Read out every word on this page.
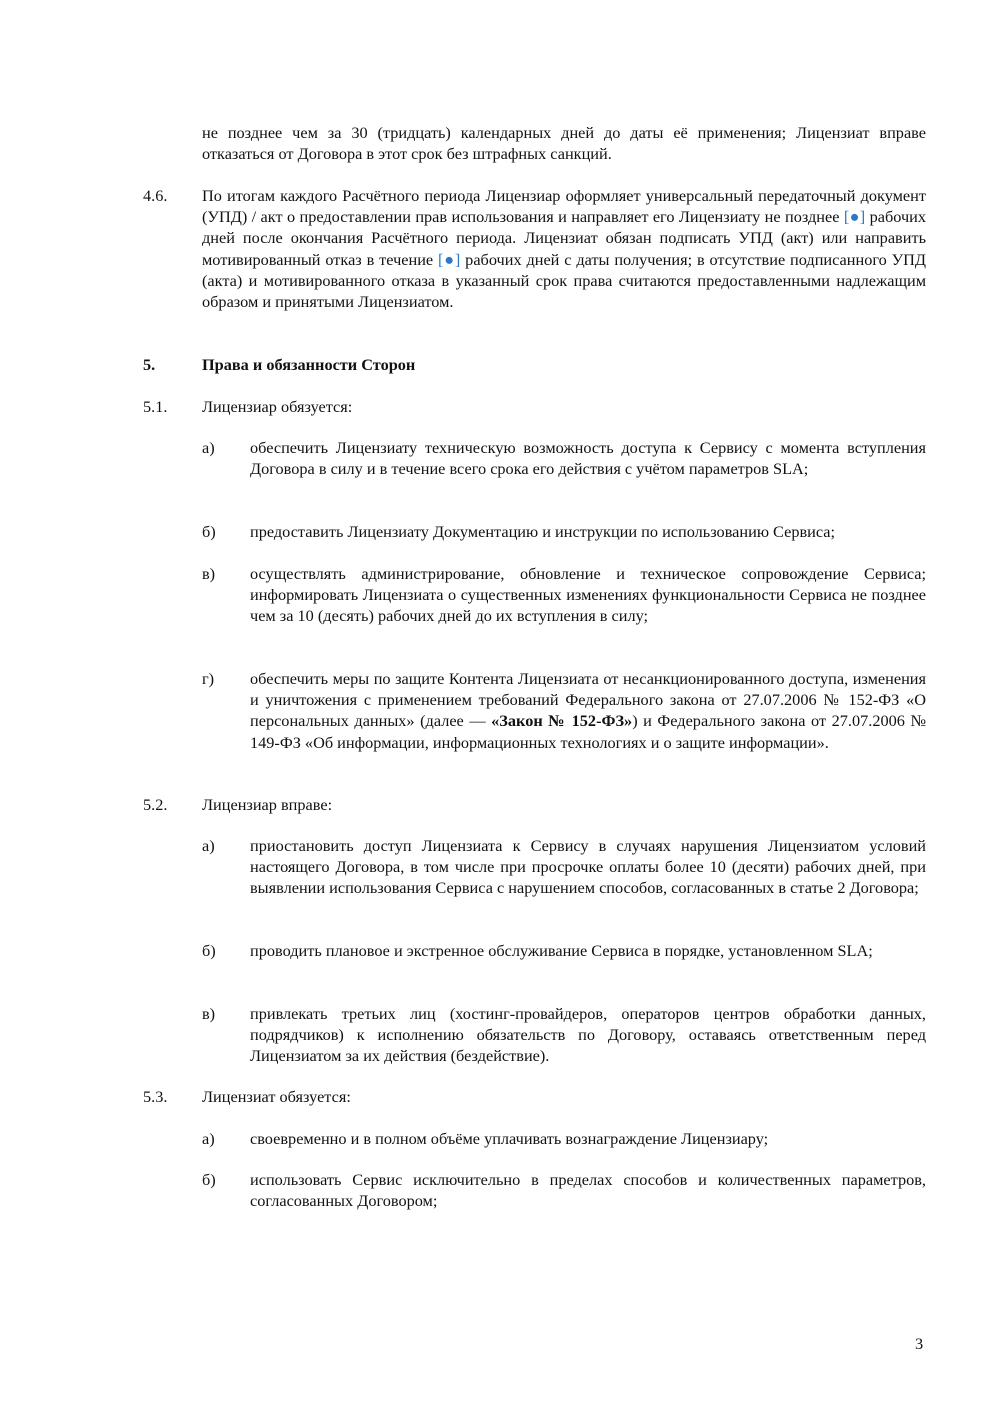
не позднее чем за 30 (тридцать) календарных дней до даты её применения; Лицензиат вправе отказаться от Договора в этот срок без штрафных санкций.

4.6. По итогам каждого Расчётного периода Лицензиар оформляет универсальный передаточный документ (УПД) / акт о предоставлении прав использования и направляет его Лицензиату не позднее [●] рабочих дней после окончания Расчётного периода. Лицензиат обязан подписать УПД (акт) или направить мотивированный отказ в течение [●] рабочих дней с даты получения; в отсутствие подписанного УПД (акта) и мотивированного отказа в указанный срок права считаются предоставленными надлежащим образом и принятыми Лицензиатом.

5.	Права и обязанности Сторон
5.1. Лицензиар обязуется:
а) обеспечить Лицензиату техническую возможность доступа к Сервису с момента вступления Договора в силу и в течение всего срока его действия с учётом параметров SLA;

б) предоставить Лицензиату Документацию и инструкции по использованию Сервиса;

в) осуществлять администрирование, обновление и техническое сопровождение Сервиса; информировать Лицензиата о существенных изменениях функциональности Сервиса не позднее чем за 10 (десять) рабочих дней до их вступления в силу;

г) обеспечить меры по защите Контента Лицензиата от несанкционированного доступа, изменения и уничтожения с применением требований Федерального закона от 27.07.2006 № 152-ФЗ «О персональных данных» (далее — «Закон № 152-ФЗ») и Федерального закона от 27.07.2006 № 149-ФЗ «Об информации, информационных технологиях и о защите информации».

5.2. Лицензиар вправе:
а) приостановить доступ Лицензиата к Сервису в случаях нарушения Лицензиатом условий настоящего Договора, в том числе при просрочке оплаты более 10 (десяти) рабочих дней, при выявлении использования Сервиса с нарушением способов, согласованных в статье 2 Договора;

б) проводить плановое и экстренное обслуживание Сервиса в порядке, установленном SLA;

в) привлекать третьих лиц (хостинг-провайдеров, операторов центров обработки данных, подрядчиков) к исполнению обязательств по Договору, оставаясь ответственным перед Лицензиатом за их действия (бездействие).

5.3. Лицензиат обязуется:
а) своевременно и в полном объёме уплачивать вознаграждение Лицензиару;

б) использовать Сервис исключительно в пределах способов и количественных параметров, согласованных Договором;

3
